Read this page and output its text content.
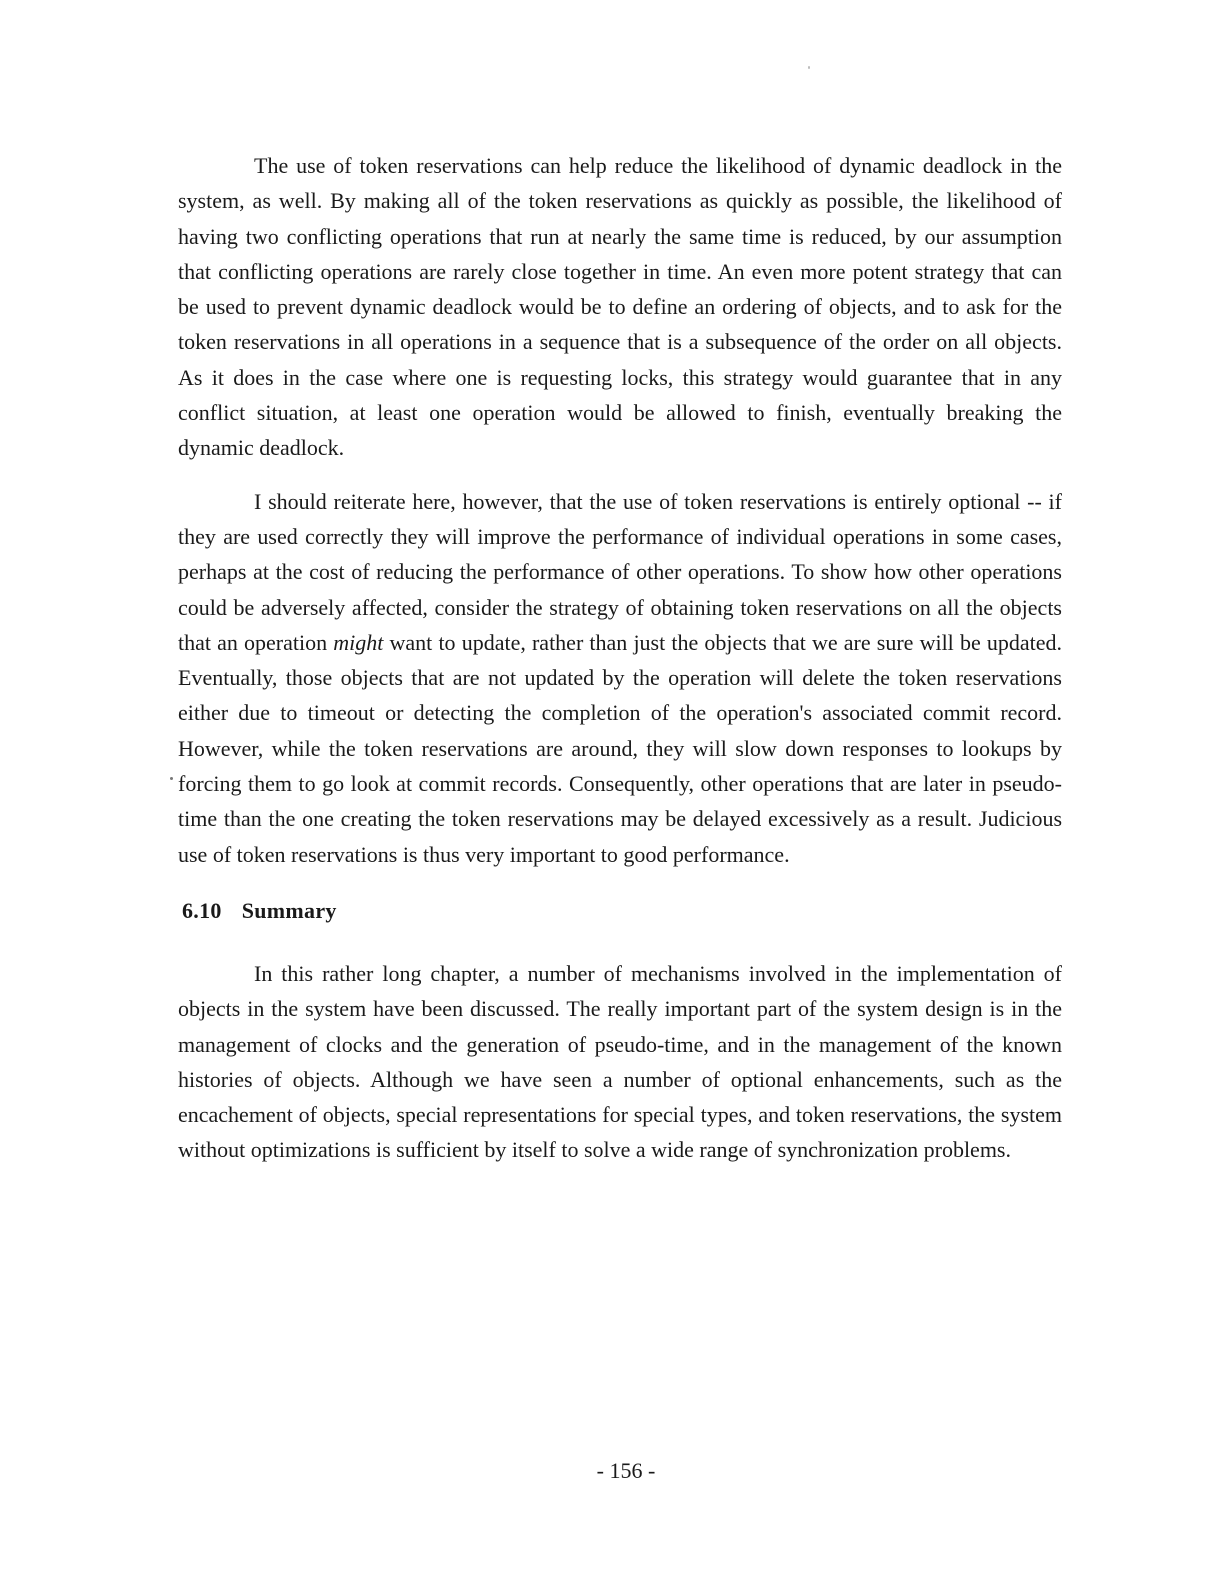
The use of token reservations can help reduce the likelihood of dynamic deadlock in the system, as well. By making all of the token reservations as quickly as possible, the likelihood of having two conflicting operations that run at nearly the same time is reduced, by our assumption that conflicting operations are rarely close together in time. An even more potent strategy that can be used to prevent dynamic deadlock would be to define an ordering of objects, and to ask for the token reservations in all operations in a sequence that is a subsequence of the order on all objects. As it does in the case where one is requesting locks, this strategy would guarantee that in any conflict situation, at least one operation would be allowed to finish, eventually breaking the dynamic deadlock.

I should reiterate here, however, that the use of token reservations is entirely optional -- if they are used correctly they will improve the performance of individual operations in some cases, perhaps at the cost of reducing the performance of other operations. To show how other operations could be adversely affected, consider the strategy of obtaining token reservations on all the objects that an operation might want to update, rather than just the objects that we are sure will be updated. Eventually, those objects that are not updated by the operation will delete the token reservations either due to timeout or detecting the completion of the operation's associated commit record. However, while the token reservations are around, they will slow down responses to lookups by forcing them to go look at commit records. Consequently, other operations that are later in pseudo-time than the one creating the token reservations may be delayed excessively as a result. Judicious use of token reservations is thus very important to good performance.

6.10 Summary

In this rather long chapter, a number of mechanisms involved in the implementation of objects in the system have been discussed. The really important part of the system design is in the management of clocks and the generation of pseudo-time, and in the management of the known histories of objects. Although we have seen a number of optional enhancements, such as the encachement of objects, special representations for special types, and token reservations, the system without optimizations is sufficient by itself to solve a wide range of synchronization problems.

- 156 -
